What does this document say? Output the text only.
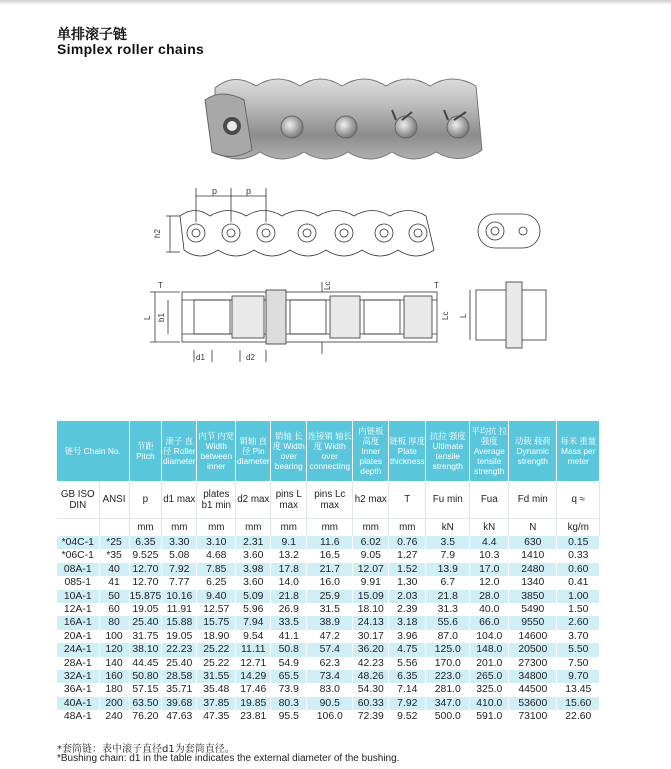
单排滚子链
Simplex roller chains
p	p
h2
T	T
L b1
Lc
Lc L
d1	d2
链号 Chain No.		节距 Pitch	滚子 直径 Roller diameter	内节 内宽 Width between inner	销轴 直径 Pin diameter	销轴 长度 Width over bearing	连接销 轴长度 Width over connecting	内链板 高度 Inner plates depth	链板 厚度 Plate thickness	抗拉 强度 Ultimate tensile strength	平均抗 拉强度 Average tensile strength	动载 载荷 Dynamic strength	每米 重量 Mass per meter
GB ISO DIN	ANSI	p	d1 max	plates b1 min	d2 max	pins L max	pins Lc max	h2 max	T	Fu min	Fua	Fd min	q ≈
		mm	mm	mm	mm	mm	mm	mm	mm	kN	kN	N	kg/m
*04C-1	*25	6.35	3.30	3.10	2.31	9.1	11.6	6.02	0.76	3.5	4.4	630	0.15
*06C-1	*35	9.525	5.08	4.68	3.60	13.2	16.5	9.05	1.27	7.9	10.3	1410	0.33
08A-1	40	12.70	7.92	7.85	3.98	17.8	21.7	12.07	1.52	13.9	17.0	2480	0.60
085-1	41	12.70	7.77	6.25	3.60	14.0	16.0	9.91	1.30	6.7	12.0	1340	0.41
10A-1	50	15.875	10.16	9.40	5.09	21.8	25.9	15.09	2.03	21.8	28.0	3850	1.00
12A-1	60	19.05	11.91	12.57	5.96	26.9	31.5	18.10	2.39	31.3	40.0	5490	1.50
16A-1	80	25.40	15.88	15.75	7.94	33.5	38.9	24.13	3.18	55.6	66.0	9550	2.60
20A-1	100	31.75	19.05	18.90	9.54	41.1	47.2	30.17	3.96	87.0	104.0	14600	3.70
24A-1	120	38.10	22.23	25.22	11.11	50.8	57.4	36.20	4.75	125.0	148.0	20500	5.50
28A-1	140	44.45	25.40	25.22	12.71	54.9	62.3	42.23	5.56	170.0	201.0	27300	7.50
32A-1	160	50.80	28.58	31.55	14.29	65.5	73.4	48.26	6.35	223.0	265.0	34800	9.70
36A-1	180	57.15	35.71	35.48	17.46	73.9	83.0	54.30	7.14	281.0	325.0	44500	13.45
40A-1	200	63.50	39.68	37.85	19.85	80.3	90.5	60.33	7.92	347.0	410.0	53600	15.60
48A-1	240	76.20	47.63	47.35	23.81	95.5	106.0	72.39	9.52	500.0	591.0	73100	22.60
*套筒链：表中滚子直径d1为套筒直径。
*Bushing chain: d1 in the table indicates the external diameter of the bushing.
